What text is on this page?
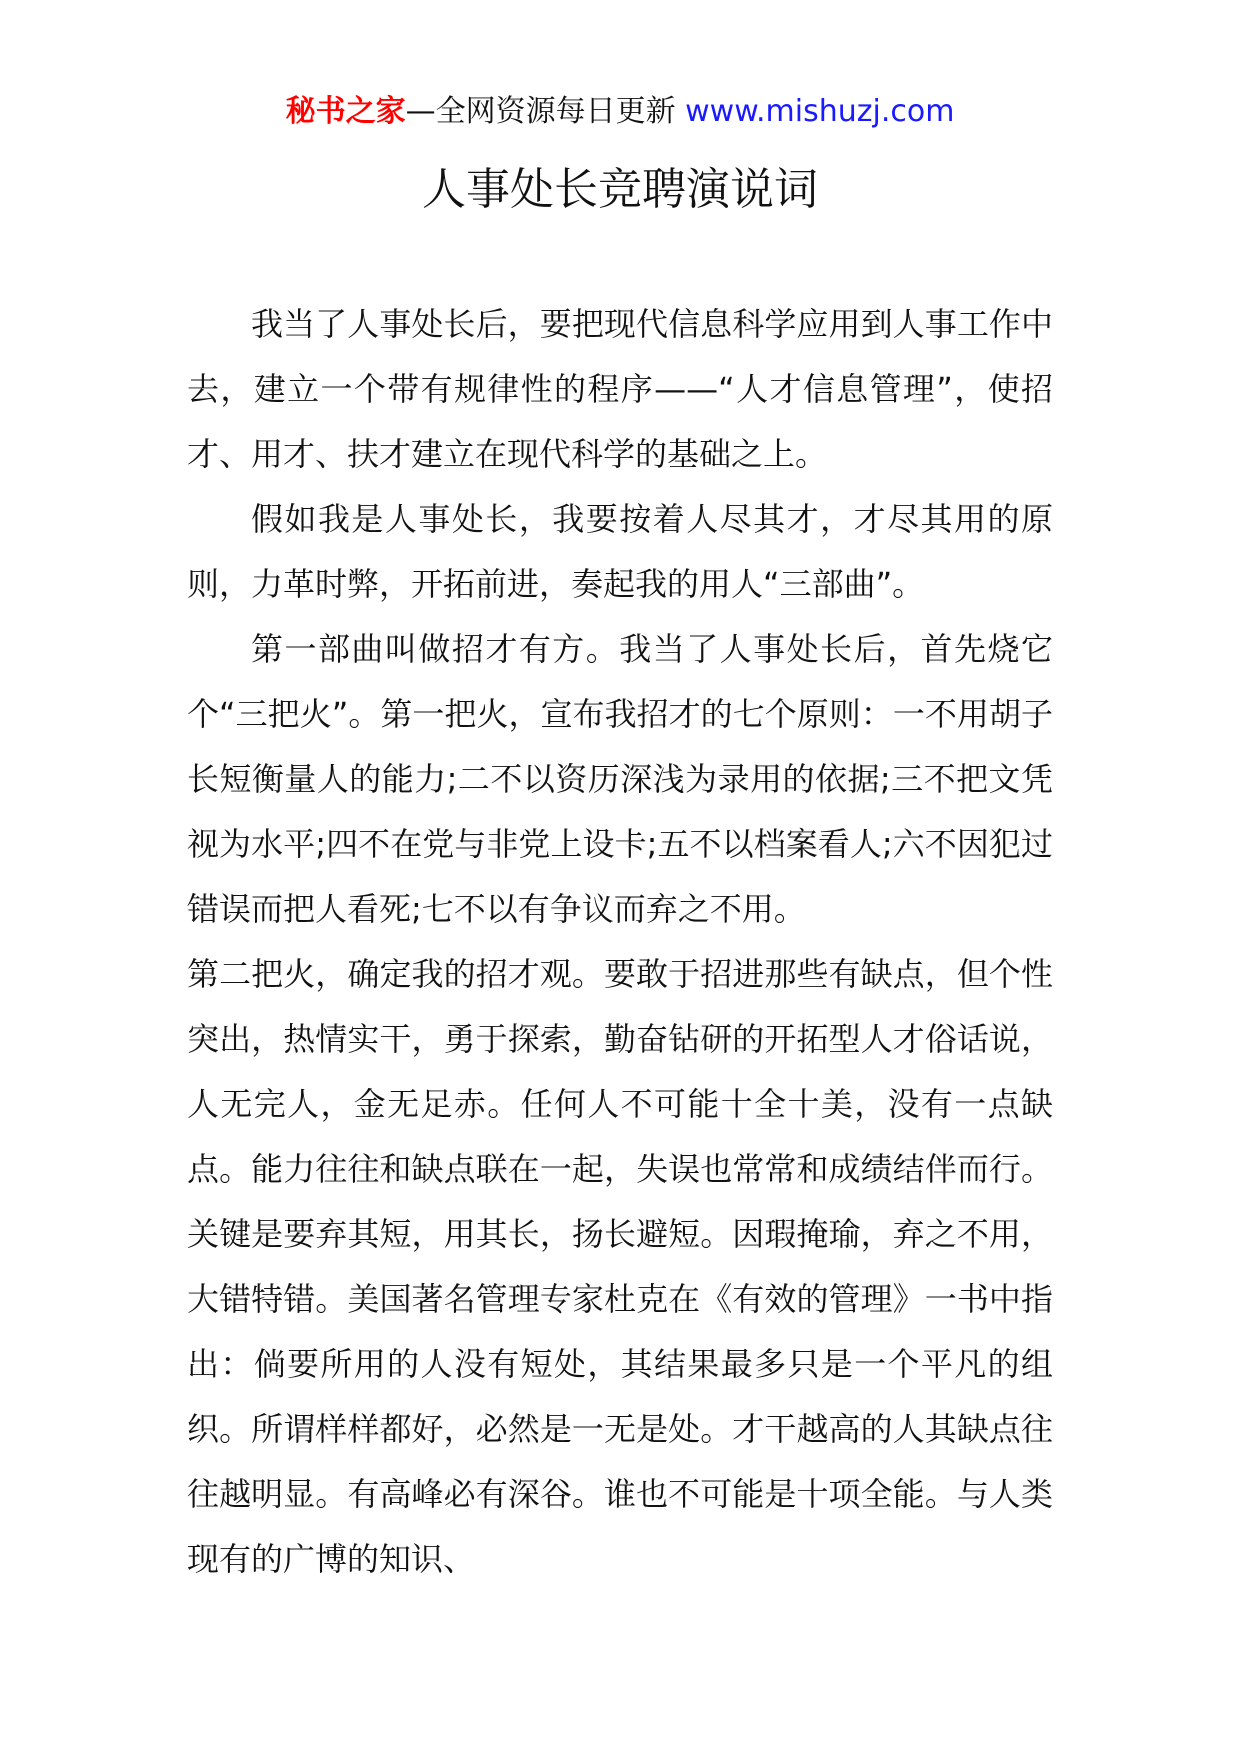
秘书之家—全网资源每日更新 www.mishuzj.com
人事处长竞聘演说词

我当了人事处长后，要把现代信息科学应用到人事工作中去，建立一个带有规律性的程序——“人才信息管理”，使招才、用才、扶才建立在现代科学的基础之上。

假如我是人事处长，我要按着人尽其才，才尽其用的原则，力革时弊，开拓前进，奏起我的用人“三部曲”。

第一部曲叫做招才有方。我当了人事处长后，首先烧它个“三把火”。第一把火，宣布我招才的七个原则：一不用胡子长短衡量人的能力;二不以资历深浅为录用的依据;三不把文凭视为水平;四不在党与非党上设卡;五不以档案看人;六不因犯过错误而把人看死;七不以有争议而弃之不用。

第二把火，确定我的招才观。要敢于招进那些有缺点，但个性突出，热情实干，勇于探索，勤奋钻研的开拓型人才俗话说，人无完人，金无足赤。任何人不可能十全十美，没有一点缺点。能力往往和缺点联在一起，失误也常常和成绩结伴而行。关键是要弃其短，用其长，扬长避短。因瑕掩瑜，弃之不用，大错特错。美国著名管理专家杜克在《有效的管理》一书中指出：倘要所用的人没有短处，其结果最多只是一个平凡的组织。所谓样样都好，必然是一无是处。才干越高的人其缺点往往越明显。有高峰必有深谷。谁也不可能是十项全能。与人类现有的广博的知识、
